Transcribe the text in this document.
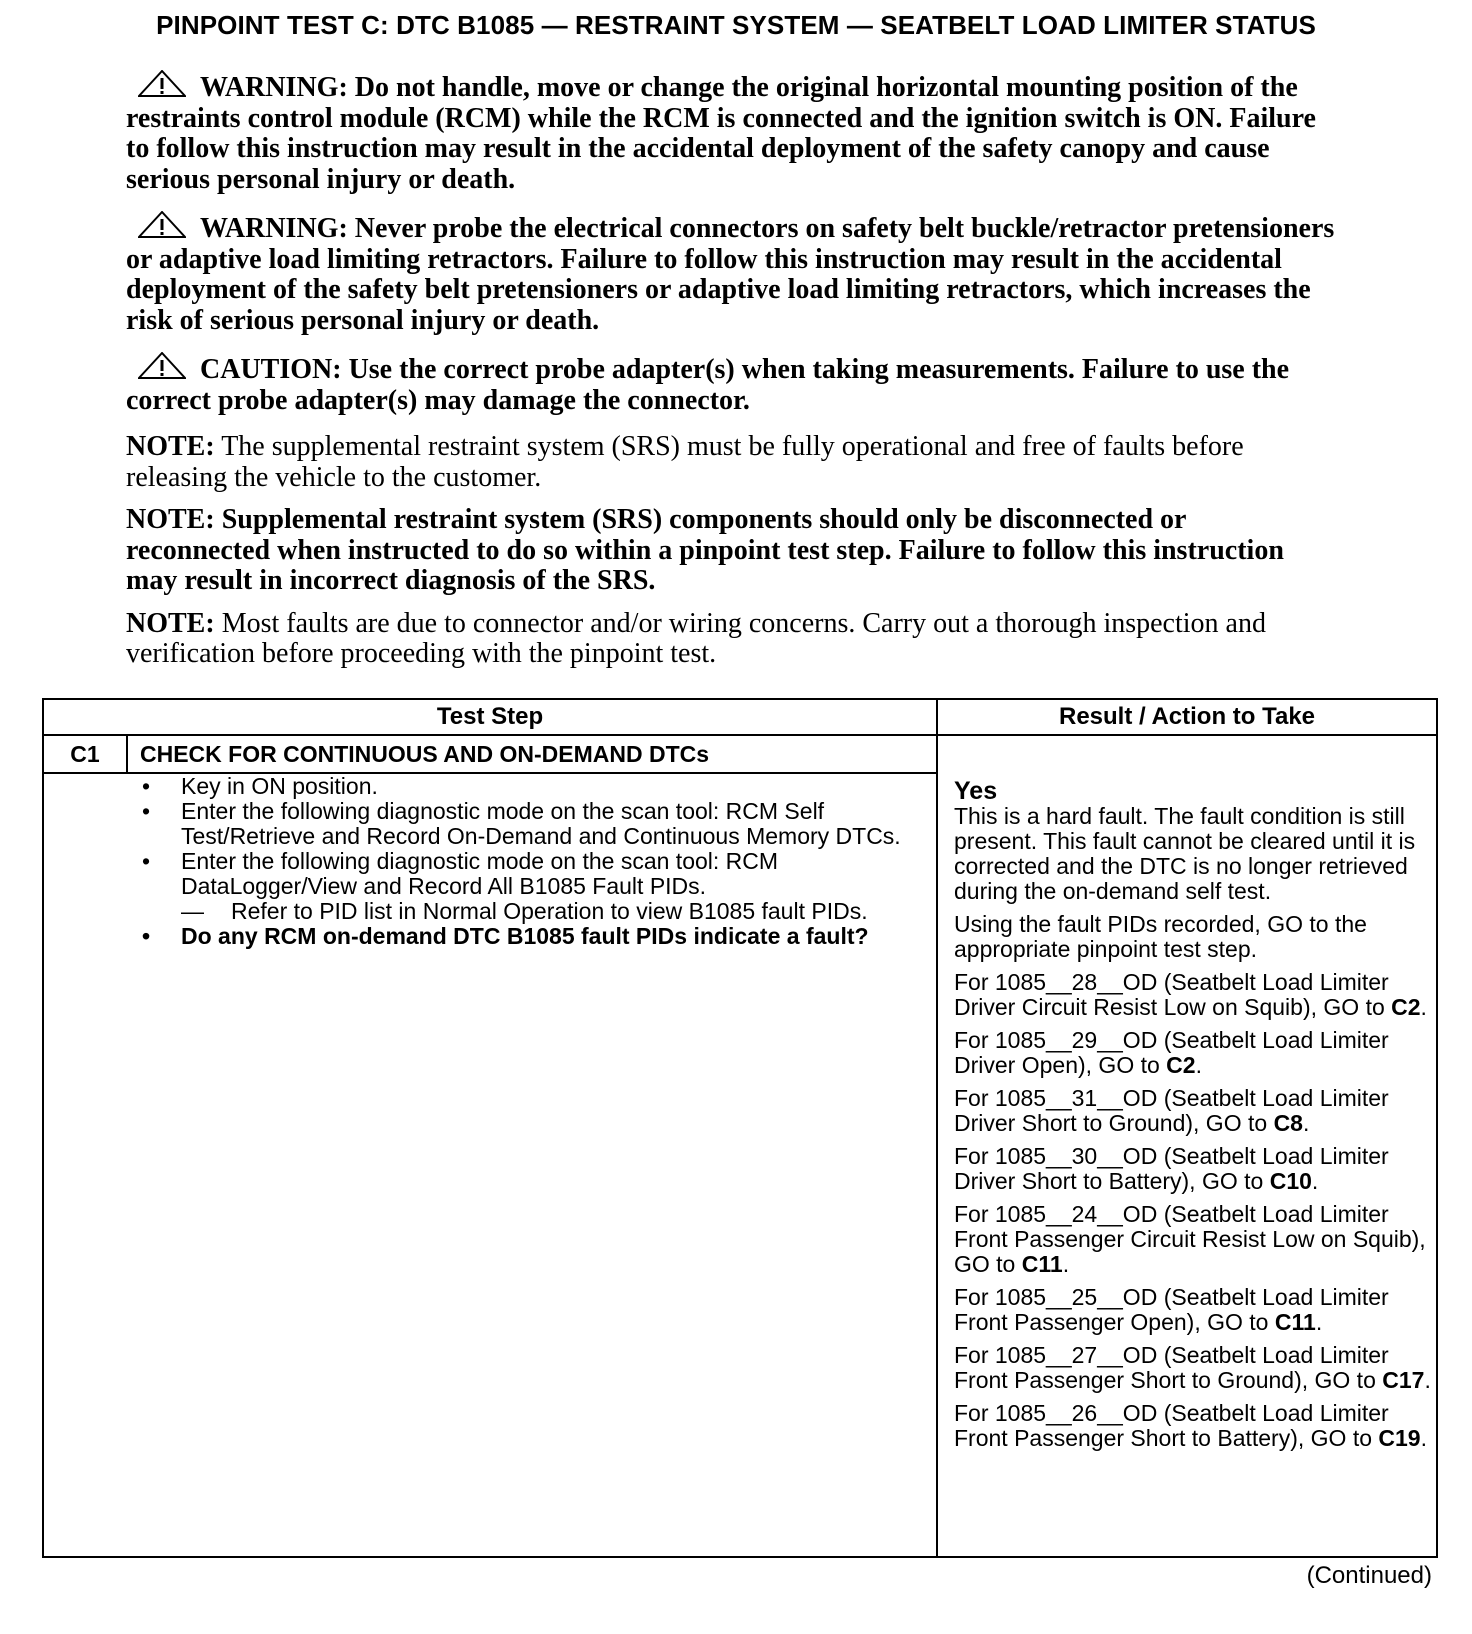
PINPOINT TEST C: DTC B1085 — RESTRAINT SYSTEM — SEATBELT LOAD LIMITER STATUS

WARNING: Do not handle, move or change the original horizontal mounting position of the restraints control module (RCM) while the RCM is connected and the ignition switch is ON. Failure to follow this instruction may result in the accidental deployment of the safety canopy and cause serious personal injury or death.

WARNING: Never probe the electrical connectors on safety belt buckle/retractor pretensioners or adaptive load limiting retractors. Failure to follow this instruction may result in the accidental deployment of the safety belt pretensioners or adaptive load limiting retractors, which increases the risk of serious personal injury or death.

CAUTION: Use the correct probe adapter(s) when taking measurements. Failure to use the correct probe adapter(s) may damage the connector.

NOTE: The supplemental restraint system (SRS) must be fully operational and free of faults before releasing the vehicle to the customer.

NOTE: Supplemental restraint system (SRS) components should only be disconnected or reconnected when instructed to do so within a pinpoint test step. Failure to follow this instruction may result in incorrect diagnosis of the SRS.

NOTE: Most faults are due to connector and/or wiring concerns. Carry out a thorough inspection and verification before proceeding with the pinpoint test.

Test Step	Result / Action to Take
C1	CHECK FOR CONTINUOUS AND ON-DEMAND DTCs
• Key in ON position.
• Enter the following diagnostic mode on the scan tool: RCM Self Test/Retrieve and Record On-Demand and Continuous Memory DTCs.
• Enter the following diagnostic mode on the scan tool: RCM DataLogger/View and Record All B1085 Fault PIDs.
— Refer to PID list in Normal Operation to view B1085 fault PIDs.
• Do any RCM on-demand DTC B1085 fault PIDs indicate a fault?
Yes

This is a hard fault. The fault condition is still present. This fault cannot be cleared until it is corrected and the DTC is no longer retrieved during the on-demand self test.

Using the fault PIDs recorded, GO to the appropriate pinpoint test step.

For 1085__28__OD (Seatbelt Load Limiter Driver Circuit Resist Low on Squib), GO to C2.

For 1085__29__OD (Seatbelt Load Limiter Driver Open), GO to C2.

For 1085__31__OD (Seatbelt Load Limiter Driver Short to Ground), GO to C8.

For 1085__30__OD (Seatbelt Load Limiter Driver Short to Battery), GO to C10.

For 1085__24__OD (Seatbelt Load Limiter Front Passenger Circuit Resist Low on Squib), GO to C11.

For 1085__25__OD (Seatbelt Load Limiter Front Passenger Open), GO to C11.

For 1085__27__OD (Seatbelt Load Limiter Front Passenger Short to Ground), GO to C17.

For 1085__26__OD (Seatbelt Load Limiter Front Passenger Short to Battery), GO to C19.

(Continued)
